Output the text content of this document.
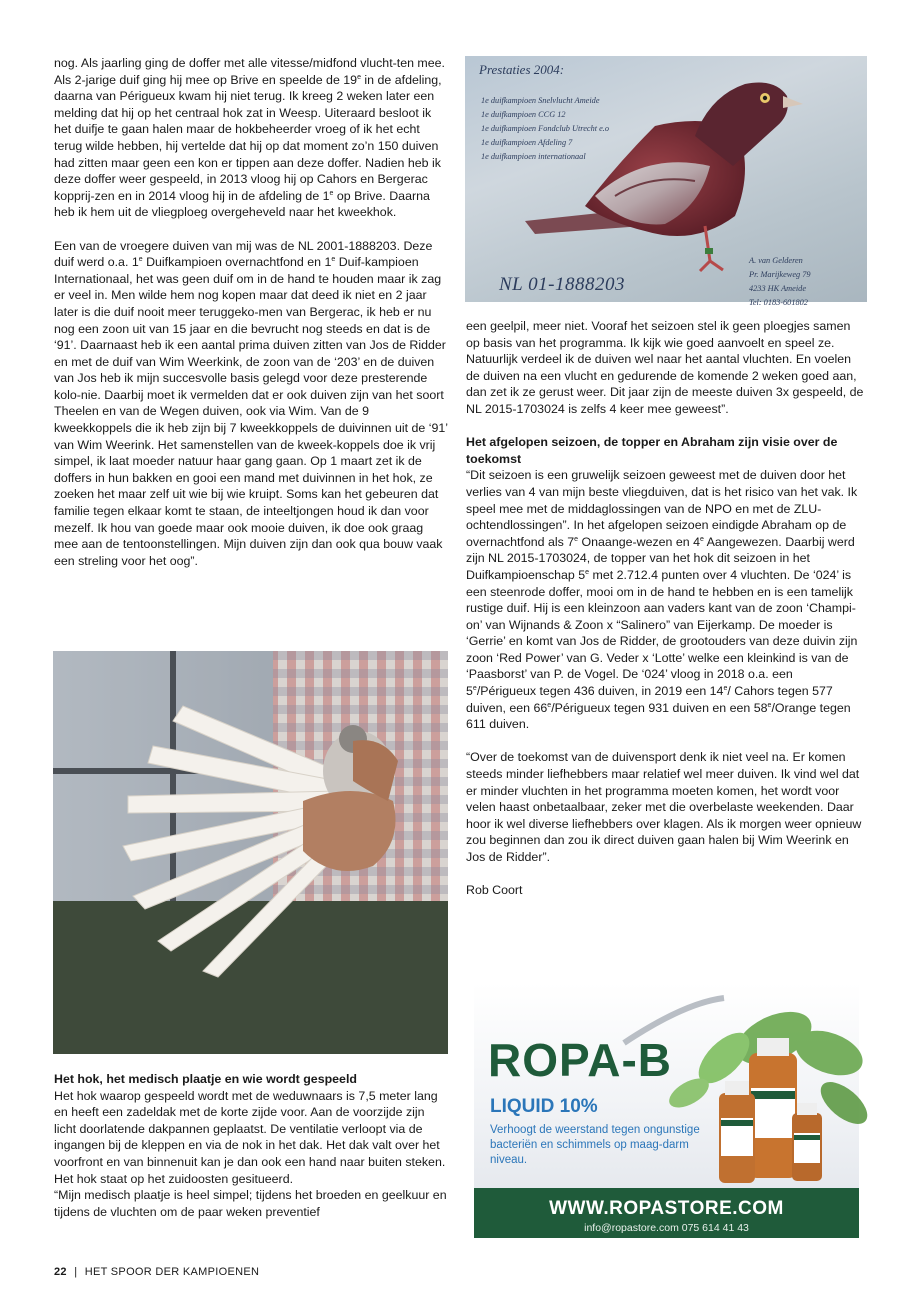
nog. Als jaarling ging de doffer met alle vitesse/midfond vlucht-ten mee. Als 2-jarige duif ging hij mee op Brive en speelde de 19e in de afdeling, daarna van Périgueux kwam hij niet terug. Ik kreeg 2 weken later een melding dat hij op het centraal hok zat in Weesp. Uiteraard besloot ik het duifje te gaan halen maar de hokbeheerder vroeg of ik het echt terug wilde hebben, hij vertelde dat hij op dat moment zo’n 150 duiven had zitten maar geen een kon er tippen aan deze doffer. Nadien heb ik deze doffer weer gespeeld, in 2013 vloog hij op Cahors en Bergerac kopprij-zen en in 2014 vloog hij in de afdeling de 1e op Brive. Daarna heb ik hem uit de vliegploeg overgeheveld naar het kweekhok.

Een van de vroegere duiven van mij was de NL 2001-1888203. Deze duif werd o.a. 1e Duifkampioen overnachtfond en 1e Duif-kampioen Internationaal, het was geen duif om in de hand te houden maar ik zag er veel in. Men wilde hem nog kopen maar dat deed ik niet en 2 jaar later is die duif nooit meer teruggeko-men van Bergerac, ik heb er nu nog een zoon uit van 15 jaar en die bevrucht nog steeds en dat is de ‘91’. Daarnaast heb ik een aantal prima duiven zitten van Jos de Ridder en met de duif van Wim Weerkink, de zoon van de ‘203’ en de duiven van Jos heb ik mijn succesvolle basis gelegd voor deze presterende kolo-nie. Daarbij moet ik vermelden dat er ook duiven zijn van het soort Theelen en van de Wegen duiven, ook via Wim. Van de 9 kweekkoppels die ik heb zijn bij 7 kweekkoppels de duivinnen uit de ‘91’ van Wim Weerink. Het samenstellen van de kweek-koppels doe ik vrij simpel, ik laat moeder natuur haar gang gaan. Op 1 maart zet ik de doffers in hun bakken en gooi een mand met duivinnen in het hok, ze zoeken het maar zelf uit wie bij wie kruipt. Soms kan het gebeuren dat familie tegen elkaar komt te staan, de inteeltjongen houd ik dan voor mezelf. Ik hou van goede maar ook mooie duiven, ik doe ook graag mee aan de tentoonstellingen. Mijn duiven zijn dan ook qua bouw vaak een streling voor het oog”.

Prestaties 2004:
1e duifkampioen Snelvlucht Ameide
1e duifkampioen CCG 12
1e duifkampioen Fondclub Utrecht e.o
1e duifkampioen Afdeling 7
1e duifkampioen internationaal
NL 01-1888203
A. van Gelderen
Pr. Marijkeweg 79
4233 HK Ameide
Tel: 0183-601802

een geelpil, meer niet. Vooraf het seizoen stel ik geen ploegjes samen op basis van het programma. Ik kijk wie goed aanvoelt en speel ze. Natuurlijk verdeel ik de duiven wel naar het aantal vluchten. En voelen de duiven na een vlucht en gedurende de komende 2 weken goed aan, dan zet ik ze gerust weer. Dit jaar zijn de meeste duiven 3x gespeeld, de NL 2015-1703024 is zelfs 4 keer mee geweest”.

Het afgelopen seizoen, de topper en Abraham zijn visie over de toekomst

“Dit seizoen is een gruwelijk seizoen geweest met de duiven door het verlies van 4 van mijn beste vliegduiven, dat is het risico van het vak. Ik speel mee met de middaglossingen van de NPO en met de ZLU-ochtendlossingen”. In het afgelopen seizoen eindigde Abraham op de overnachtfond als 7e Onaange-wezen en 4e Aangewezen. Daarbij werd zijn NL 2015-1703024, de topper van het hok dit seizoen in het Duifkampioenschap 5e met 2.712.4 punten over 4 vluchten. De ‘024’ is een steenrode doffer, mooi om in de hand te hebben en is een tamelijk rustige duif. Hij is een kleinzoon aan vaders kant van de zoon ‘Champi-on’ van Wijnands & Zoon x “Salinero” van Eijerkamp. De moeder is ‘Gerrie’ en komt van Jos de Ridder, de grootouders van deze duivin zijn zoon ‘Red Power’ van G. Veder x ‘Lotte’ welke een kleinkind is van de ‘Paasborst’ van P. de Vogel. De ‘024’ vloog in 2018 o.a. een 5e/Périgueux tegen 436 duiven, in 2019 een 14e/ Cahors tegen 577 duiven, een 66e/Périgueux tegen 931 duiven en een 58e/Orange tegen 611 duiven.

“Over de toekomst van de duivensport denk ik niet veel na. Er komen steeds minder liefhebbers maar relatief wel meer duiven. Ik vind wel dat er minder vluchten in het programma moeten komen, het wordt voor velen haast onbetaalbaar, zeker met die overbelaste weekenden. Daar hoor ik wel diverse liefhebbers over klagen. Als ik morgen weer opnieuw zou beginnen dan zou ik direct duiven gaan halen bij Wim Weerink en Jos de Ridder”.

Rob Coort

Het hok, het medisch plaatje en wie wordt gespeeld

Het hok waarop gespeeld wordt met de weduwnaars is 7,5 meter lang en heeft een zadeldak met de korte zijde voor. Aan de voorzijde zijn licht doorlatende dakpannen geplaatst. De ventilatie verloopt via de ingangen bij de kleppen en via de nok in het dak. Het dak valt over het voorfront en van binnenuit kan je dan ook een hand naar buiten steken. Het hok staat op het zuidoosten gesitueerd.

“Mijn medisch plaatje is heel simpel; tijdens het broeden en geelkuur en tijdens de vluchten om de paar weken preventief

ROPA-B
LIQUID 10%
Verhoogt de weerstand tegen ongunstige bacteriën en schimmels op maag-darm niveau.
WWW.ROPASTORE.COM
info@ropastore.com 075 614 41 43
22 | HET SPOOR DER KAMPIOENEN
